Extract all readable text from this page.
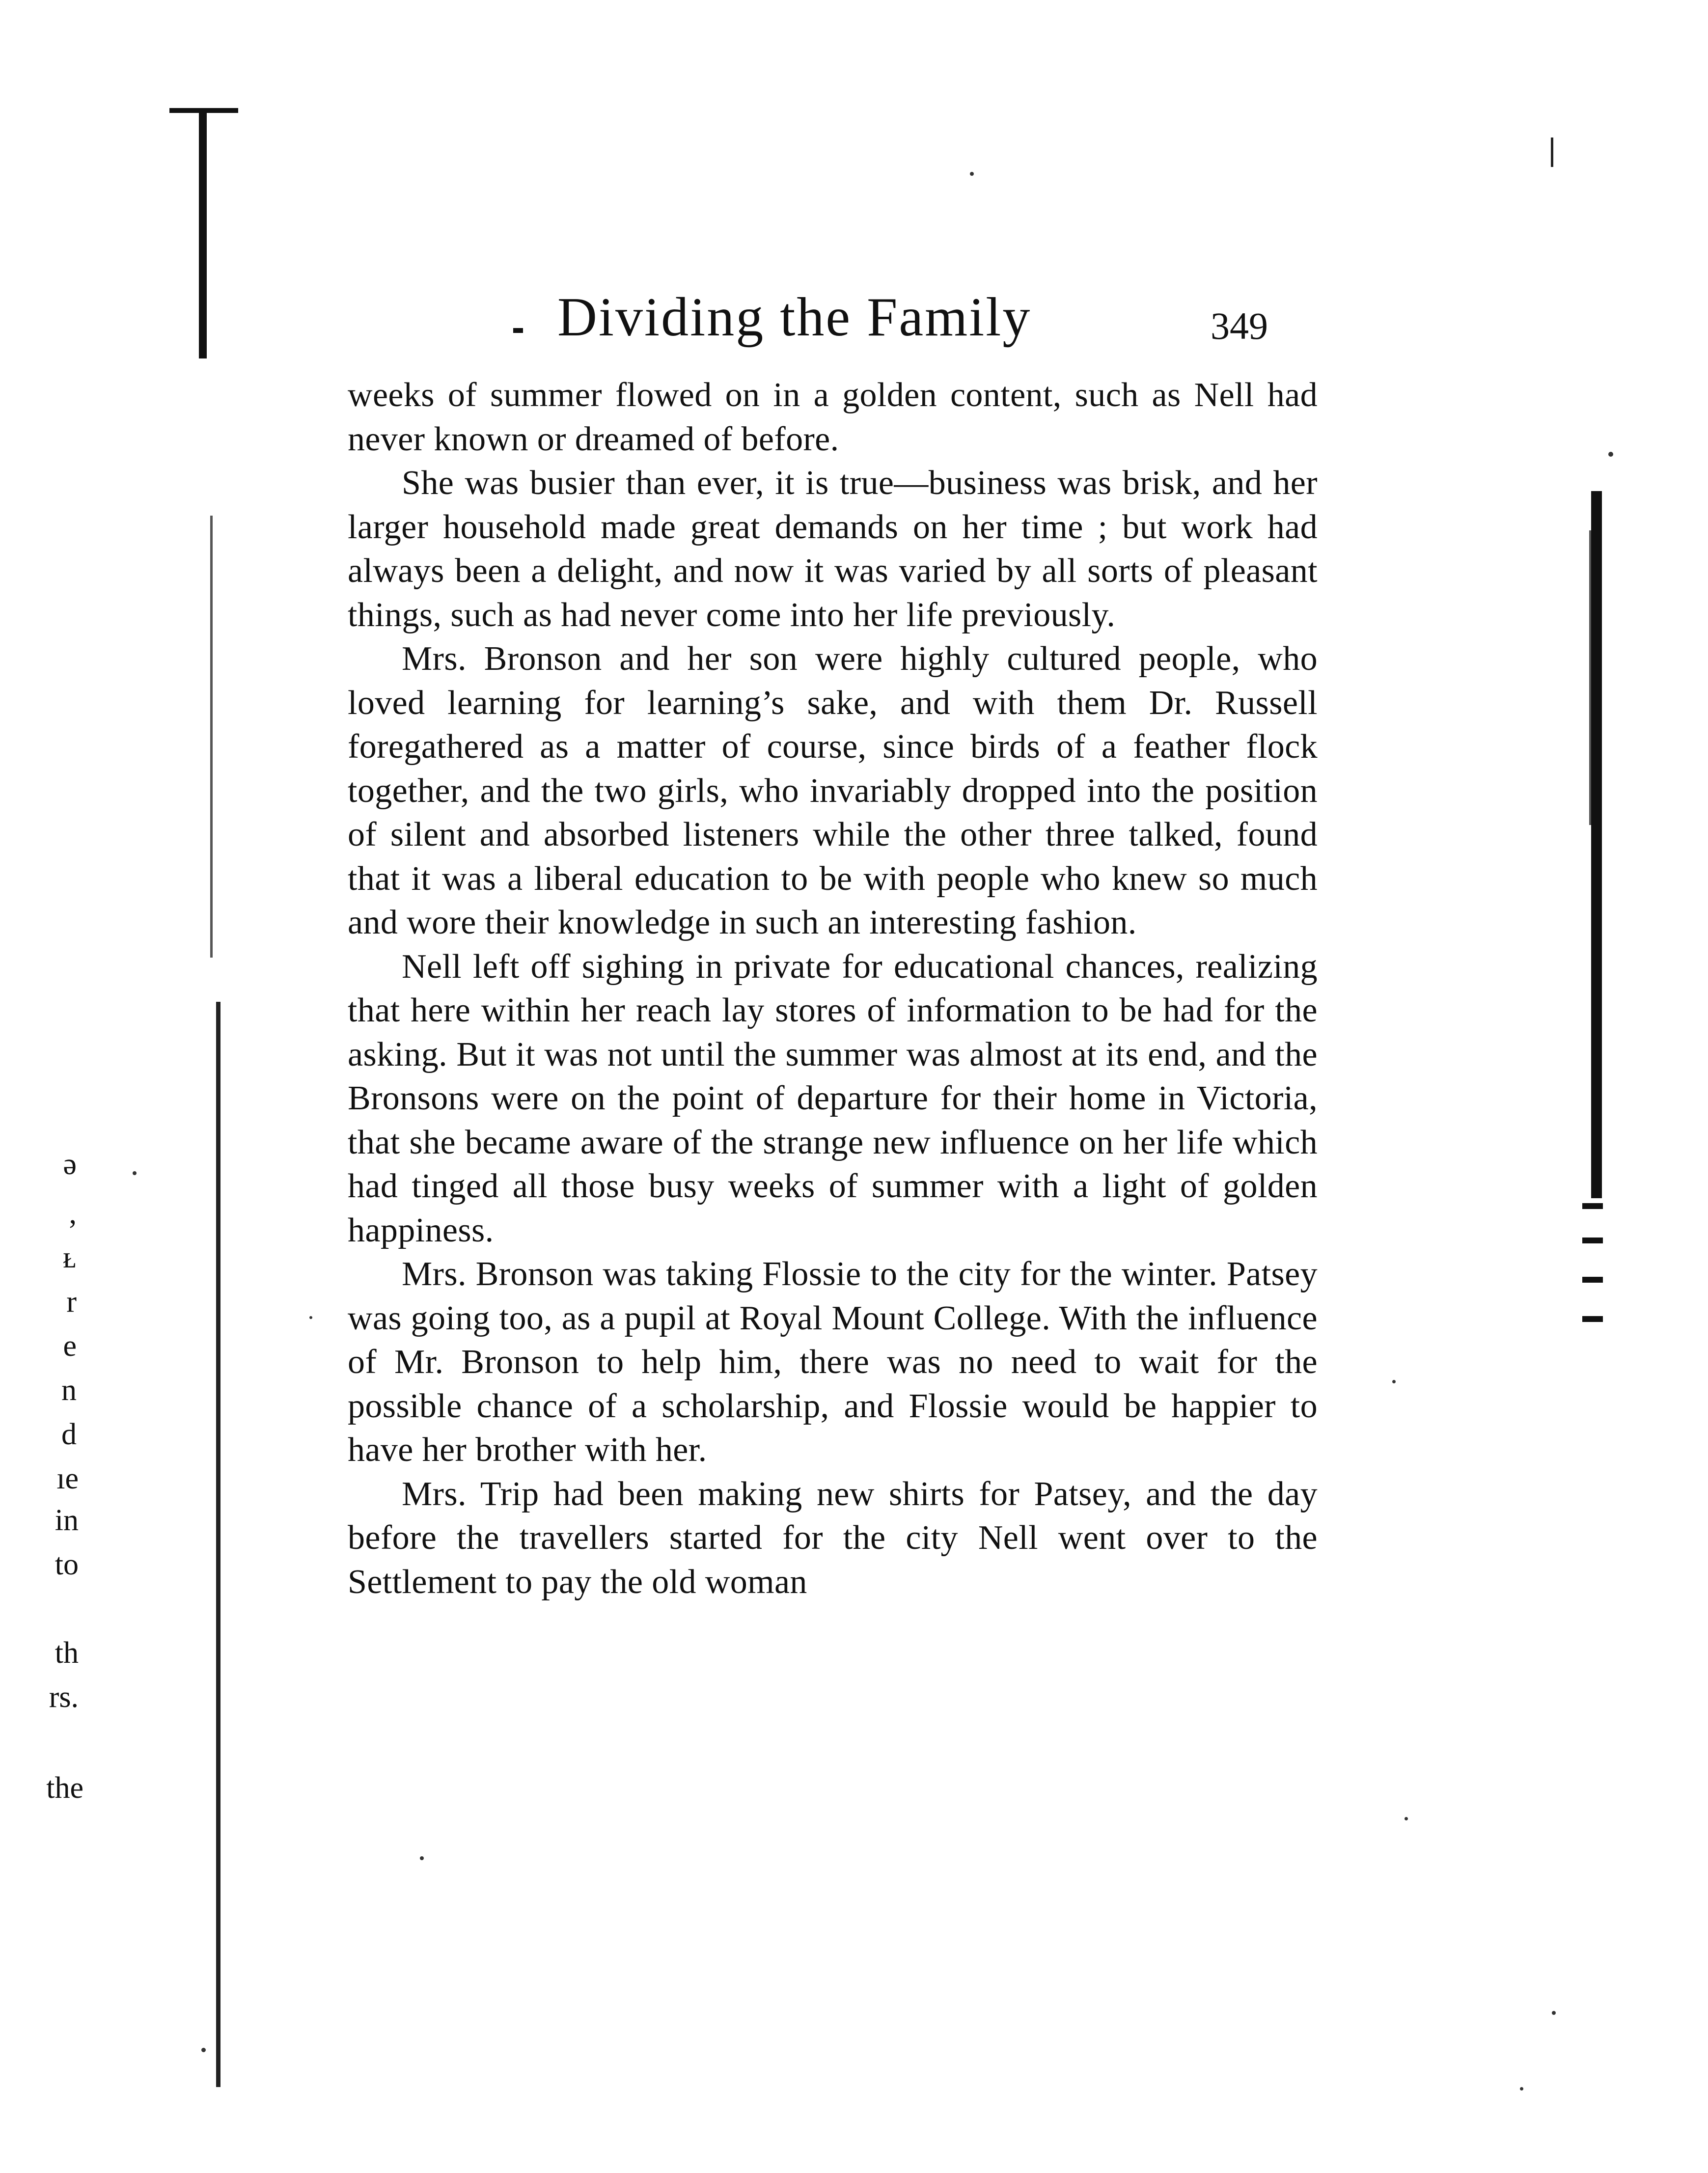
ə
,
ᴌ
r
e
n
d
ıe
in
to
th
rs.
the
Dividing the Family	349

weeks of summer flowed on in a golden content, such as Nell had never known or dreamed of before.

She was busier than ever, it is true—business was brisk, and her larger household made great demands on her time ; but work had always been a delight, and now it was varied by all sorts of pleasant things, such as had never come into her life previously.

Mrs. Bronson and her son were highly cultured people, who loved learning for learning’s sake, and with them Dr. Russell foregathered as a matter of course, since birds of a feather flock together, and the two girls, who invariably dropped into the position of silent and absorbed listeners while the other three talked, found that it was a liberal education to be with people who knew so much and wore their knowledge in such an interesting fashion.

Nell left off sighing in private for educational chances, realizing that here within her reach lay stores of information to be had for the asking. But it was not until the summer was almost at its end, and the Bronsons were on the point of departure for their home in Victoria, that she became aware of the strange new influence on her life which had tinged all those busy weeks of summer with a light of golden happiness.

Mrs. Bronson was taking Flossie to the city for the winter. Patsey was going too, as a pupil at Royal Mount College. With the influence of Mr. Bronson to help him, there was no need to wait for the possible chance of a scholarship, and Flossie would be happier to have her brother with her.

Mrs. Trip had been making new shirts for Patsey, and the day before the travellers started for the city Nell went over to the Settlement to pay the old woman
